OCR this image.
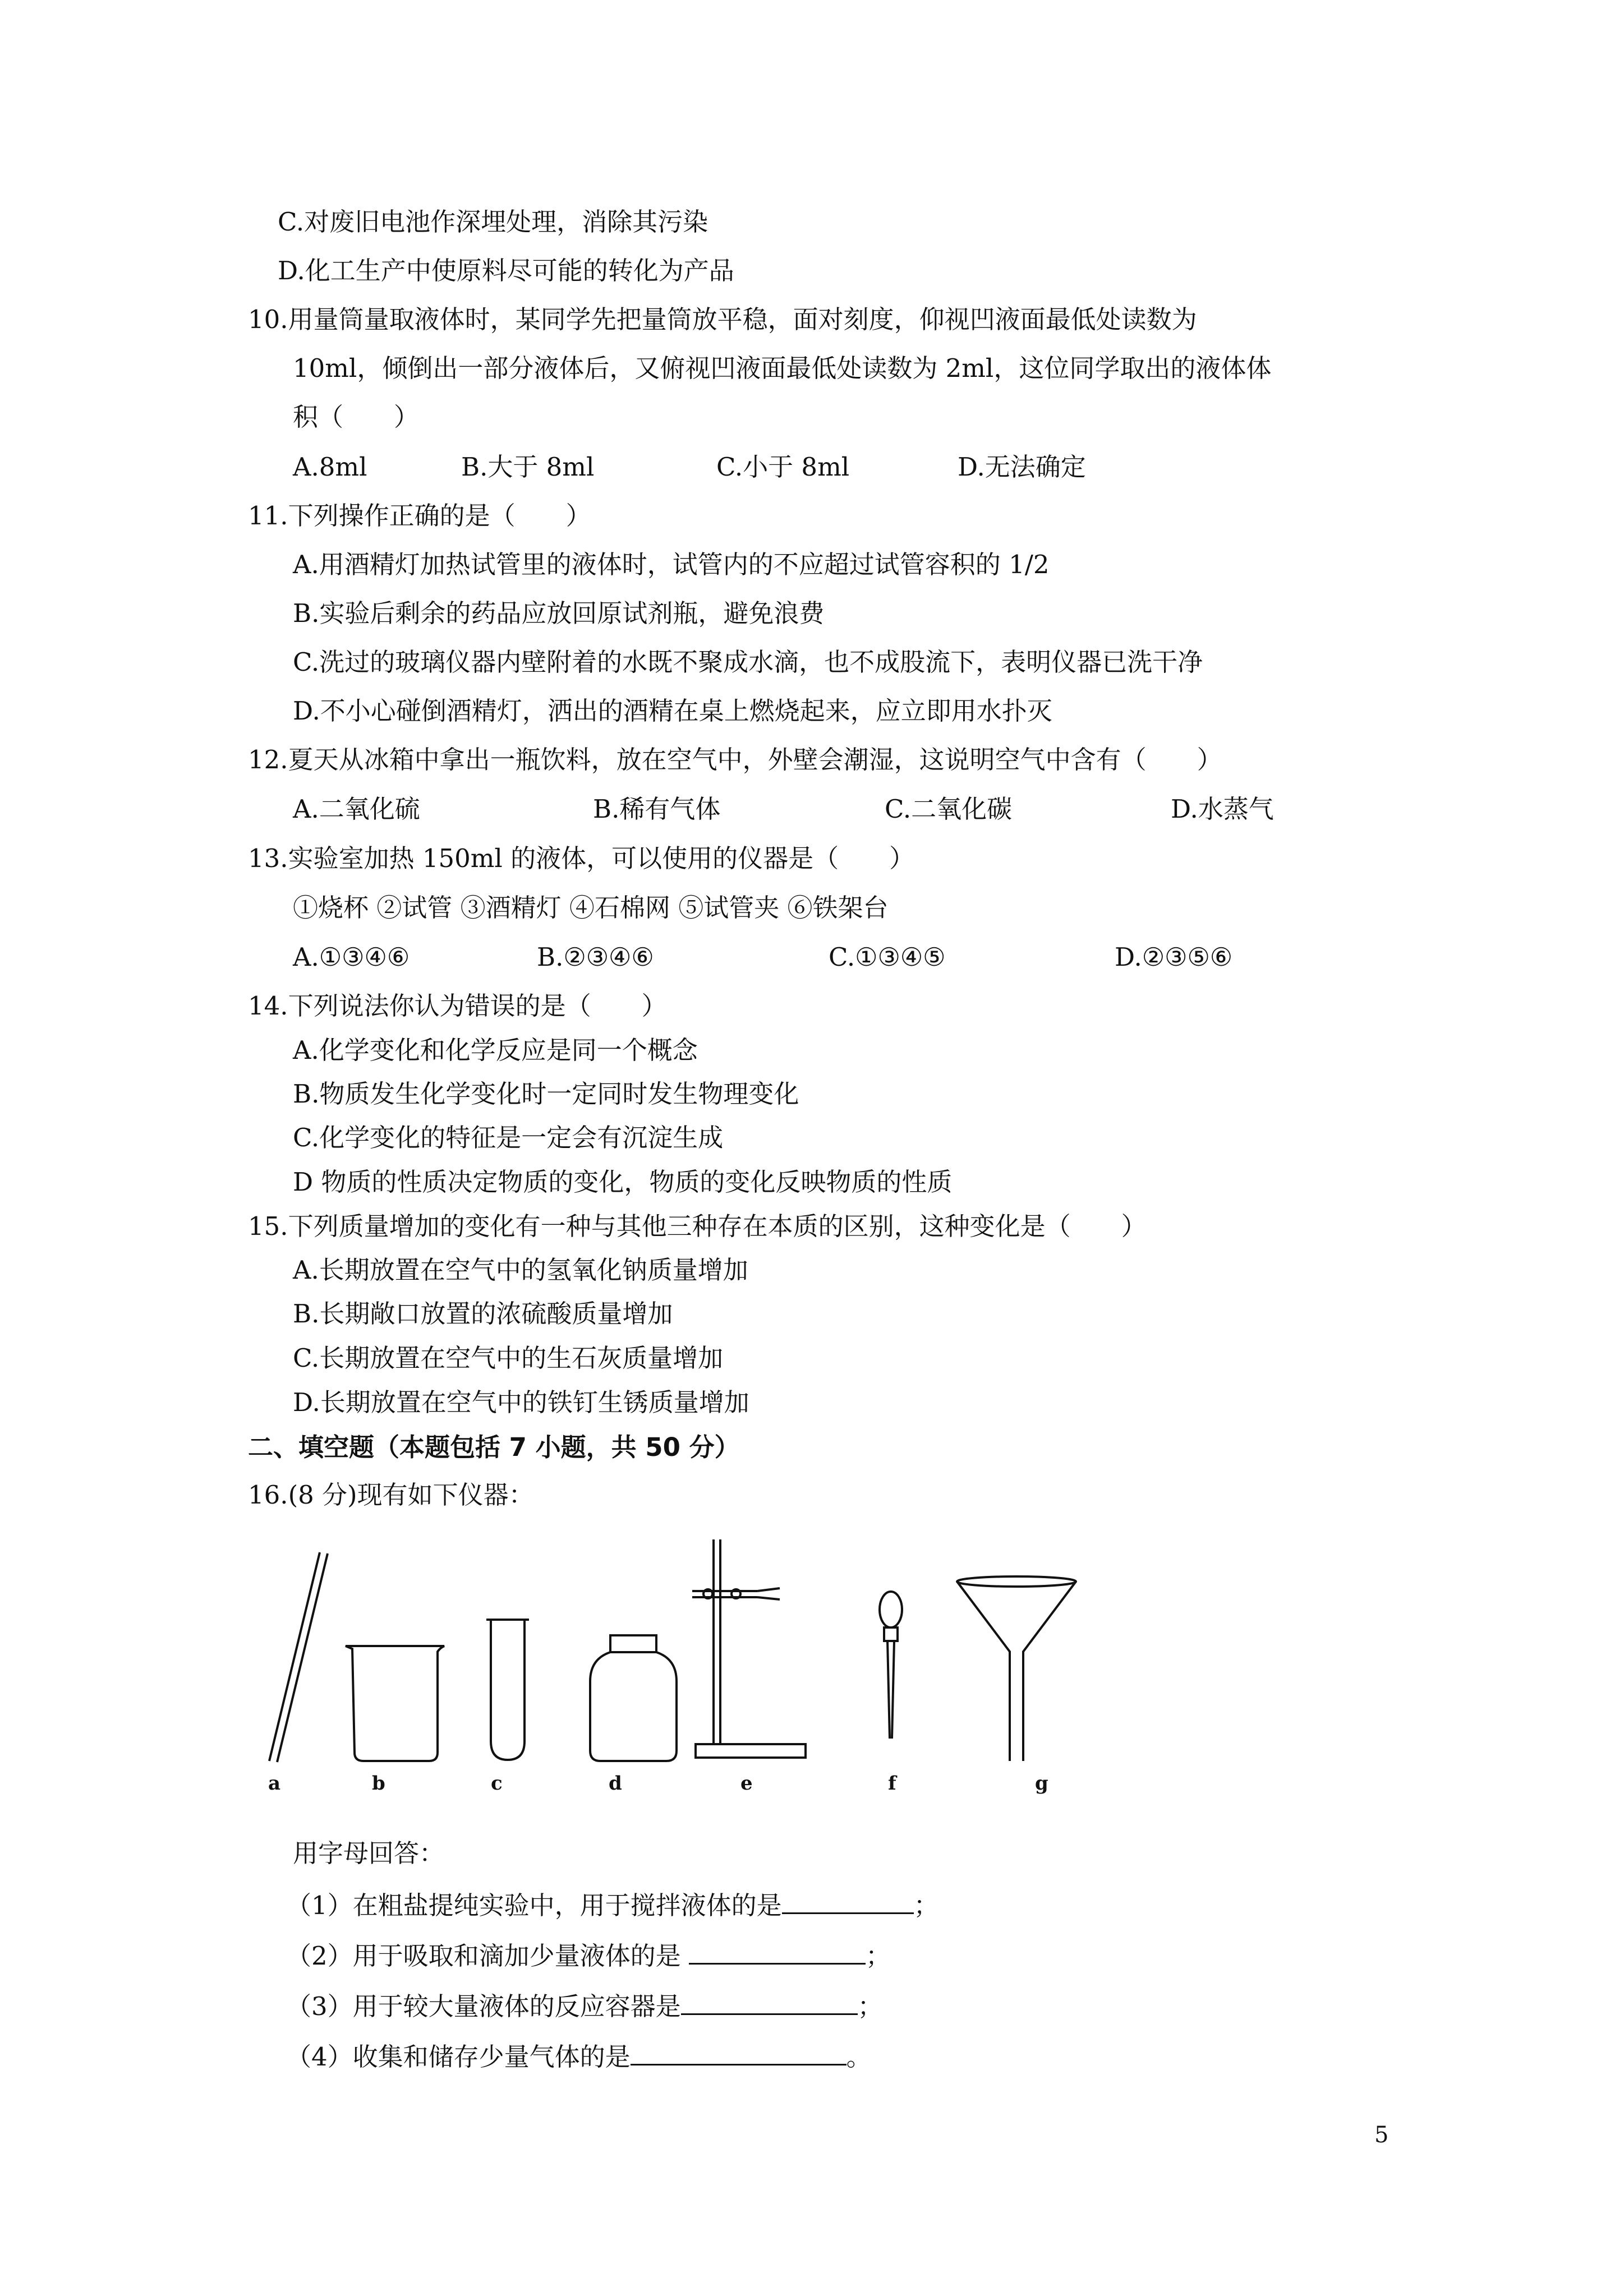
C.对废旧电池作深埋处理，消除其污染
D.化工生产中使原料尽可能的转化为产品
10.用量筒量取液体时，某同学先把量筒放平稳，面对刻度，仰视凹液面最低处读数为
10ml，倾倒出一部分液体后，又俯视凹液面最低处读数为 2ml，这位同学取出的液体体
积（　　）
A.8ml	B.大于 8ml	C.小于 8ml	D.无法确定
11.下列操作正确的是（　　）
A.用酒精灯加热试管里的液体时，试管内的不应超过试管容积的 1/2
B.实验后剩余的药品应放回原试剂瓶，避免浪费
C.洗过的玻璃仪器内壁附着的水既不聚成水滴，也不成股流下，表明仪器已洗干净
D.不小心碰倒酒精灯，洒出的酒精在桌上燃烧起来，应立即用水扑灭
12.夏天从冰箱中拿出一瓶饮料，放在空气中，外壁会潮湿，这说明空气中含有（　　）
A.二氧化硫	B.稀有气体	C.二氧化碳	D.水蒸气
13.实验室加热 150ml 的液体，可以使用的仪器是（　　）
①烧杯 ②试管 ③酒精灯 ④石棉网 ⑤试管夹 ⑥铁架台
A.①③④⑥	B.②③④⑥	C.①③④⑤	D.②③⑤⑥
14.下列说法你认为错误的是（　　）
A.化学变化和化学反应是同一个概念
B.物质发生化学变化时一定同时发生物理变化
C.化学变化的特征是一定会有沉淀生成
D 物质的性质决定物质的变化，物质的变化反映物质的性质
15.下列质量增加的变化有一种与其他三种存在本质的区别，这种变化是（　　）
A.长期放置在空气中的氢氧化钠质量增加
B.长期敞口放置的浓硫酸质量增加
C.长期放置在空气中的生石灰质量增加
D.长期放置在空气中的铁钉生锈质量增加
二、填空题（本题包括 7 小题，共 50 分）
16.(8 分)现有如下仪器：
a	b	c	d	e	f	g
用字母回答：
（1）在粗盐提纯实验中，用于搅拌液体的是	；
（2）用于吸取和滴加少量液体的是	；
（3）用于较大量液体的反应容器是	；
（4）收集和储存少量气体的是	。
5
